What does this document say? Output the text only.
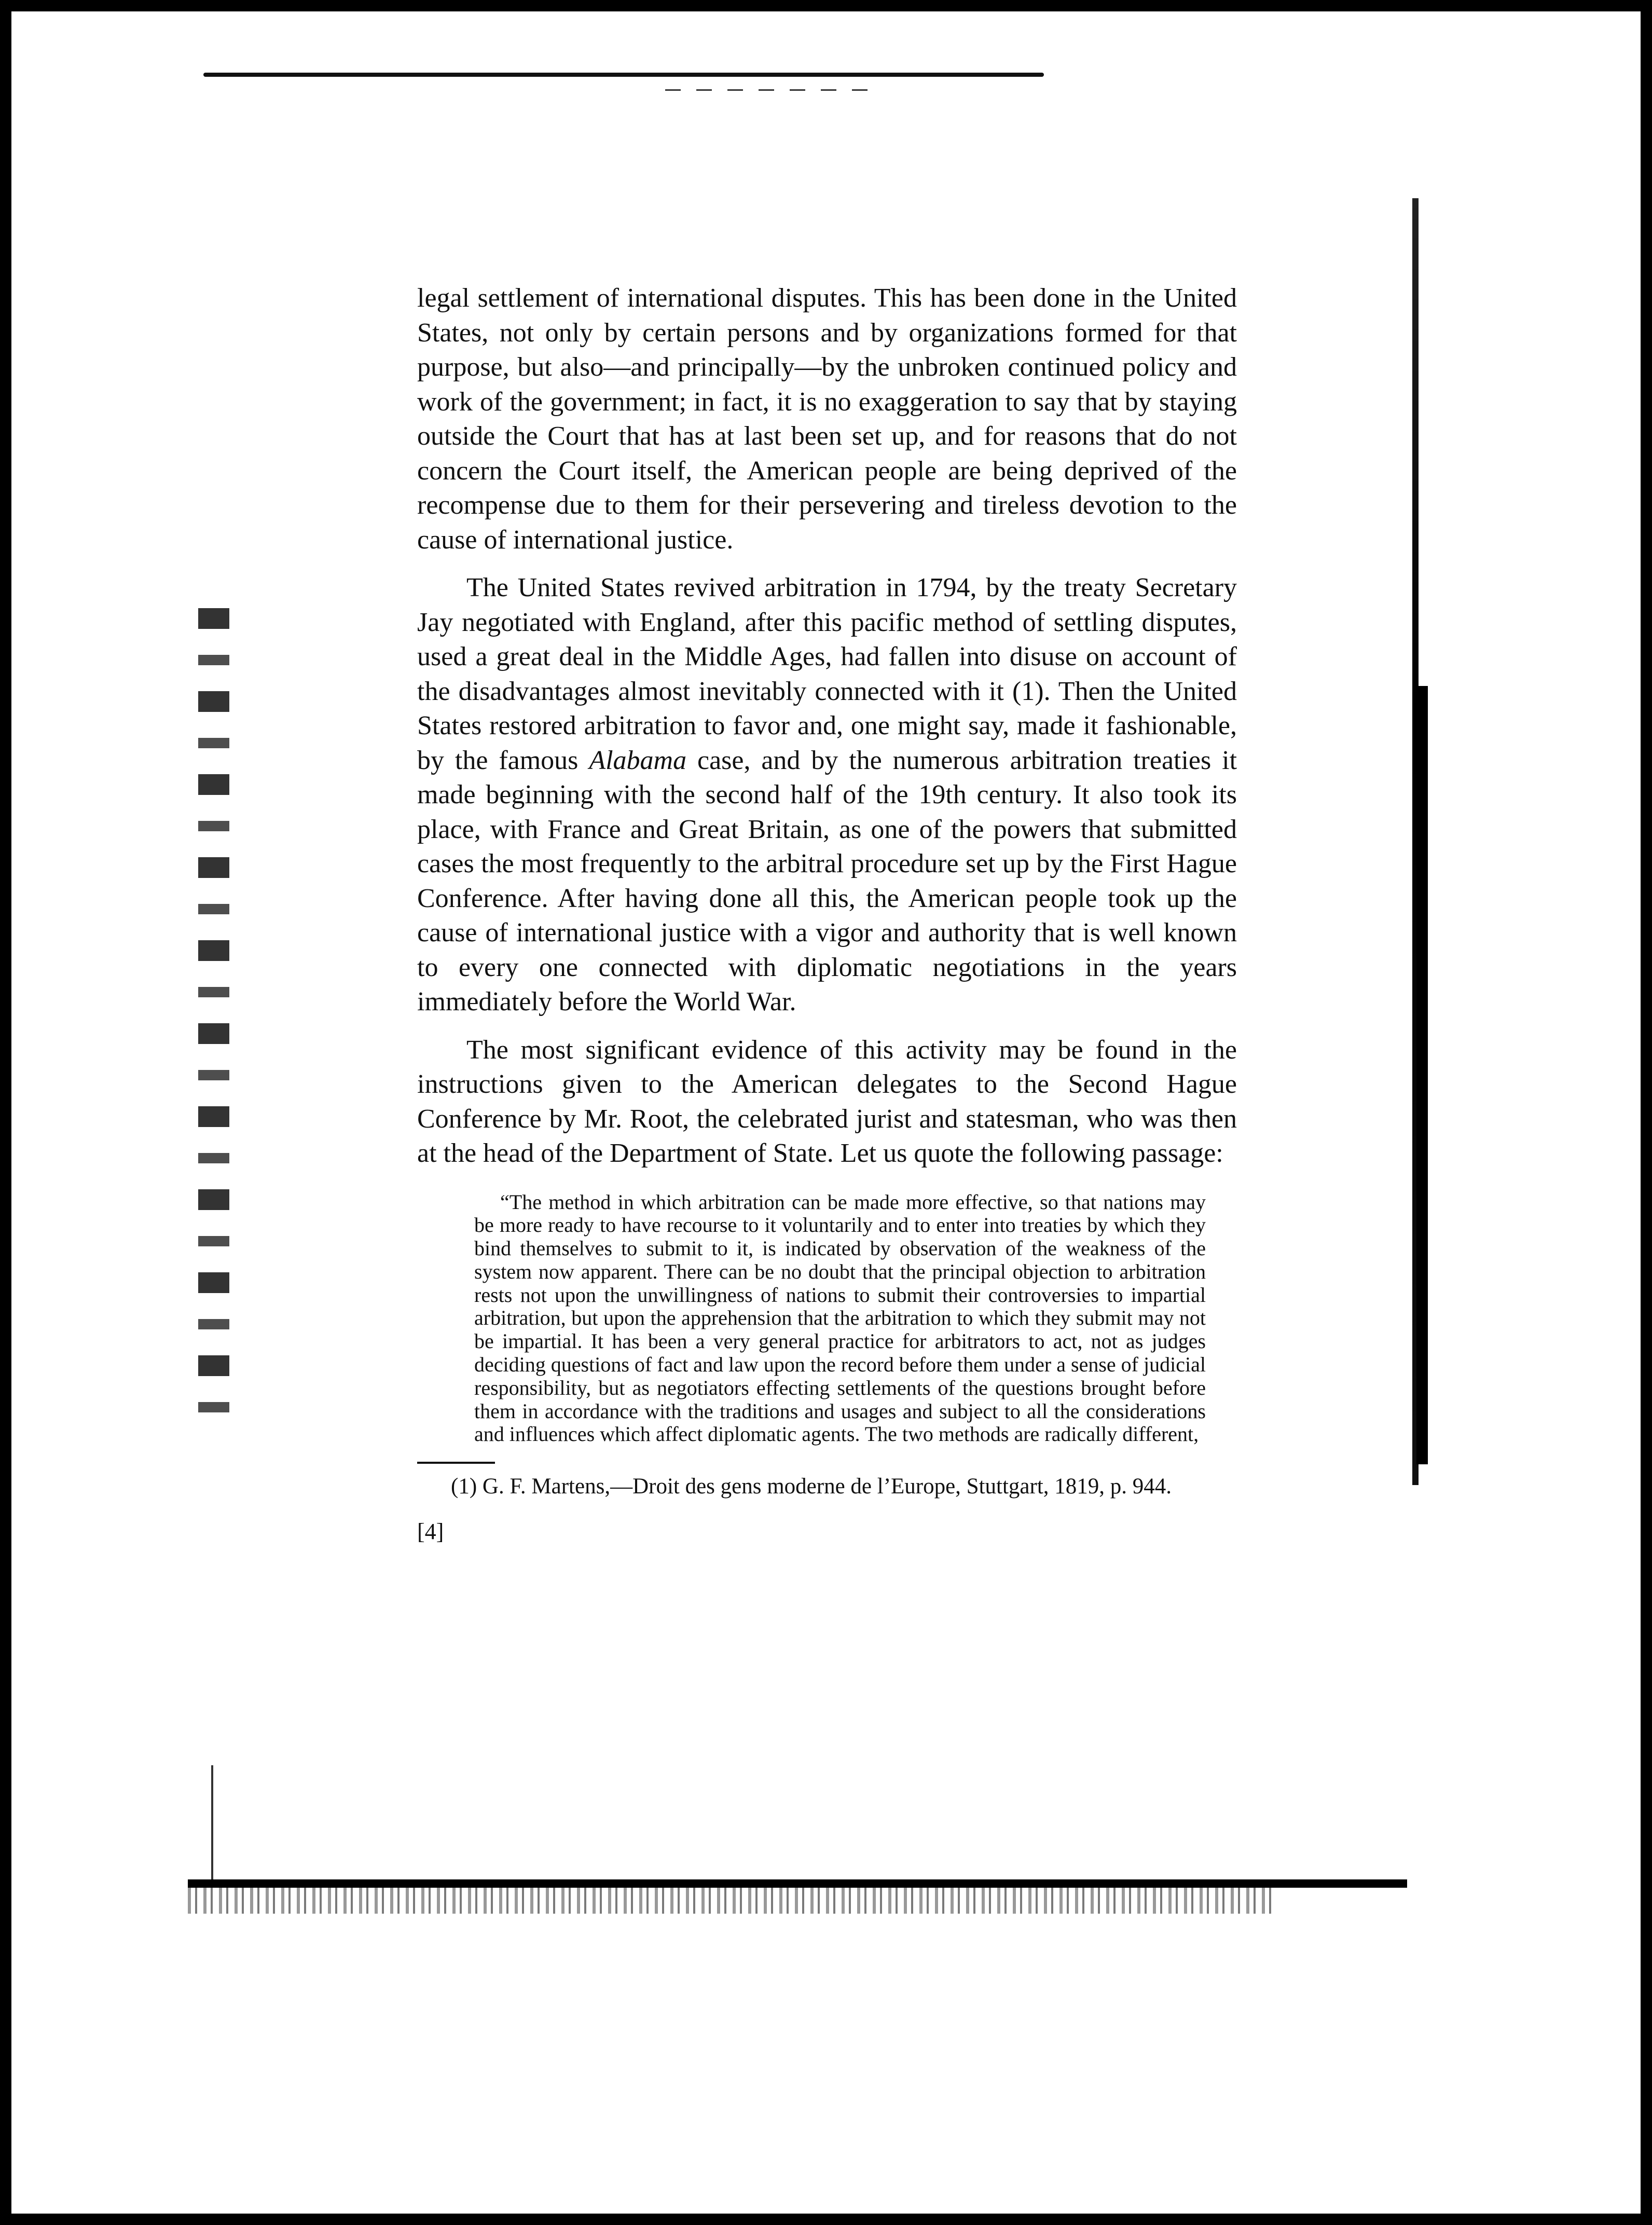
legal settlement of international disputes. This has been done in the United States, not only by certain persons and by organizations formed for that purpose, but also—and principally—by the unbroken continued policy and work of the government; in fact, it is no exaggeration to say that by staying outside the Court that has at last been set up, and for reasons that do not concern the Court itself, the American people are being deprived of the recompense due to them for their persevering and tireless devotion to the cause of international justice.

The United States revived arbitration in 1794, by the treaty Secretary Jay negotiated with England, after this pacific method of settling disputes, used a great deal in the Middle Ages, had fallen into disuse on account of the disadvantages almost inevitably connected with it (1). Then the United States restored arbitration to favor and, one might say, made it fashionable, by the famous Alabama case, and by the numerous arbitration treaties it made beginning with the second half of the 19th century. It also took its place, with France and Great Britain, as one of the powers that submitted cases the most frequently to the arbitral procedure set up by the First Hague Conference. After having done all this, the American people took up the cause of international justice with a vigor and authority that is well known to every one connected with diplomatic negotiations in the years immediately before the World War.

The most significant evidence of this activity may be found in the instructions given to the American delegates to the Second Hague Conference by Mr. Root, the celebrated jurist and statesman, who was then at the head of the Department of State. Let us quote the following passage:

“The method in which arbitration can be made more effective, so that nations may be more ready to have recourse to it voluntarily and to enter into treaties by which they bind themselves to submit to it, is indicated by observation of the weakness of the system now apparent. There can be no doubt that the principal objection to arbitration rests not upon the unwillingness of nations to submit their controversies to impartial arbitration, but upon the apprehension that the arbitration to which they submit may not be impartial. It has been a very general practice for arbitrators to act, not as judges deciding questions of fact and law upon the record before them under a sense of judicial responsibility, but as negotiators effecting settlements of the questions brought before them in accordance with the traditions and usages and subject to all the considerations and influences which affect diplomatic agents. The two methods are radically different,

(1) G. F. Martens,—Droit des gens moderne de l’Europe, Stuttgart, 1819, p. 944.

[4]
